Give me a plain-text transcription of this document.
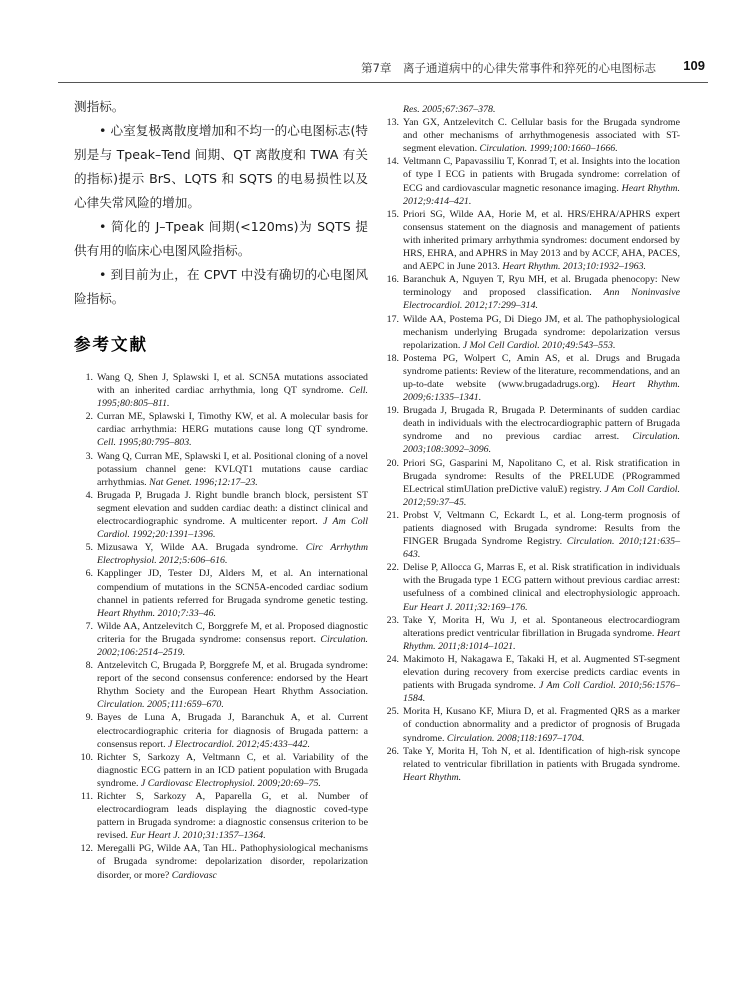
第7章　离子通道病中的心律失常事件和猝死的心电图标志 109

测指标。

• 心室复极离散度增加和不均一的心电图标志(特别是与 Tpeak–Tend 间期、QT 离散度和 TWA 有关的指标)提示 BrS、LQTS 和 SQTS 的电易损性以及心律失常风险的增加。

• 简化的 J–Tpeak 间期(<120ms)为 SQTS 提供有用的临床心电图风险指标。

• 到目前为止，在 CPVT 中没有确切的心电图风险指标。

参考文献
1. Wang Q, Shen J, Splawski I, et al. SCN5A mutations associated with an inherited cardiac arrhythmia, long QT syndrome. Cell. 1995;80:805–811.
2. Curran ME, Splawski I, Timothy KW, et al. A molecular basis for cardiac arrhythmia: HERG mutations cause long QT syndrome. Cell. 1995;80:795–803.
3. Wang Q, Curran ME, Splawski I, et al. Positional cloning of a novel potassium channel gene: KVLQT1 mutations cause cardiac arrhythmias. Nat Genet. 1996;12:17–23.
4. Brugada P, Brugada J. Right bundle branch block, persistent ST segment elevation and sudden cardiac death: a distinct clinical and electrocardiographic syndrome. A multicenter report. J Am Coll Cardiol. 1992;20:1391–1396.
5. Mizusawa Y, Wilde AA. Brugada syndrome. Circ Arrhythm Electrophysiol. 2012;5:606–616.
6. Kapplinger JD, Tester DJ, Alders M, et al. An international compendium of mutations in the SCN5A-encoded cardiac sodium channel in patients referred for Brugada syndrome genetic testing. Heart Rhythm. 2010;7:33–46.
7. Wilde AA, Antzelevitch C, Borggrefe M, et al. Proposed diagnostic criteria for the Brugada syndrome: consensus report. Circulation. 2002;106:2514–2519.
8. Antzelevitch C, Brugada P, Borggrefe M, et al. Brugada syndrome: report of the second consensus conference: endorsed by the Heart Rhythm Society and the European Heart Rhythm Association. Circulation. 2005;111:659–670.
9. Bayes de Luna A, Brugada J, Baranchuk A, et al. Current electrocardiographic criteria for diagnosis of Brugada pattern: a consensus report. J Electrocardiol. 2012;45:433–442.
10. Richter S, Sarkozy A, Veltmann C, et al. Variability of the diagnostic ECG pattern in an ICD patient population with Brugada syndrome. J Cardiovasc Electrophysiol. 2009;20:69–75.
11. Richter S, Sarkozy A, Paparella G, et al. Number of electrocardiogram leads displaying the diagnostic coved-type pattern in Brugada syndrome: a diagnostic consensus criterion to be revised. Eur Heart J. 2010;31:1357–1364.
12. Meregalli PG, Wilde AA, Tan HL. Pathophysiological mechanisms of Brugada syndrome: depolarization disorder, repolarization disorder, or more? Cardiovasc
Res. 2005;67:367–378.
13. Yan GX, Antzelevitch C. Cellular basis for the Brugada syndrome and other mechanisms of arrhythmogenesis associated with ST-segment elevation. Circulation. 1999;100:1660–1666.
14. Veltmann C, Papavassiliu T, Konrad T, et al. Insights into the location of type I ECG in patients with Brugada syndrome: correlation of ECG and cardiovascular magnetic resonance imaging. Heart Rhythm. 2012;9:414–421.
15. Priori SG, Wilde AA, Horie M, et al. HRS/EHRA/APHRS expert consensus statement on the diagnosis and management of patients with inherited primary arrhythmia syndromes: document endorsed by HRS, EHRA, and APHRS in May 2013 and by ACCF, AHA, PACES, and AEPC in June 2013. Heart Rhythm. 2013;10:1932–1963.
16. Baranchuk A, Nguyen T, Ryu MH, et al. Brugada phenocopy: New terminology and proposed classification. Ann Noninvasive Electrocardiol. 2012;17:299–314.
17. Wilde AA, Postema PG, Di Diego JM, et al. The pathophysiological mechanism underlying Brugada syndrome: depolarization versus repolarization. J Mol Cell Cardiol. 2010;49:543–553.
18. Postema PG, Wolpert C, Amin AS, et al. Drugs and Brugada syndrome patients: Review of the literature, recommendations, and an up-to-date website (www.brugadadrugs.org). Heart Rhythm. 2009;6:1335–1341.
19. Brugada J, Brugada R, Brugada P. Determinants of sudden cardiac death in individuals with the electrocardiographic pattern of Brugada syndrome and no previous cardiac arrest. Circulation. 2003;108:3092–3096.
20. Priori SG, Gasparini M, Napolitano C, et al. Risk stratification in Brugada syndrome: Results of the PRELUDE (PRogrammed ELectrical stimUlation preDictive valuE) registry. J Am Coll Cardiol. 2012;59:37–45.
21. Probst V, Veltmann C, Eckardt L, et al. Long-term prognosis of patients diagnosed with Brugada syndrome: Results from the FINGER Brugada Syndrome Registry. Circulation. 2010;121:635–643.
22. Delise P, Allocca G, Marras E, et al. Risk stratification in individuals with the Brugada type 1 ECG pattern without previous cardiac arrest: usefulness of a combined clinical and electrophysiologic approach. Eur Heart J. 2011;32:169–176.
23. Take Y, Morita H, Wu J, et al. Spontaneous electrocardiogram alterations predict ventricular fibrillation in Brugada syndrome. Heart Rhythm. 2011;8:1014–1021.
24. Makimoto H, Nakagawa E, Takaki H, et al. Augmented ST-segment elevation during recovery from exercise predicts cardiac events in patients with Brugada syndrome. J Am Coll Cardiol. 2010;56:1576–1584.
25. Morita H, Kusano KF, Miura D, et al. Fragmented QRS as a marker of conduction abnormality and a predictor of prognosis of Brugada syndrome. Circulation. 2008;118:1697–1704.
26. Take Y, Morita H, Toh N, et al. Identification of high-risk syncope related to ventricular fibrillation in patients with Brugada syndrome. Heart Rhythm.
